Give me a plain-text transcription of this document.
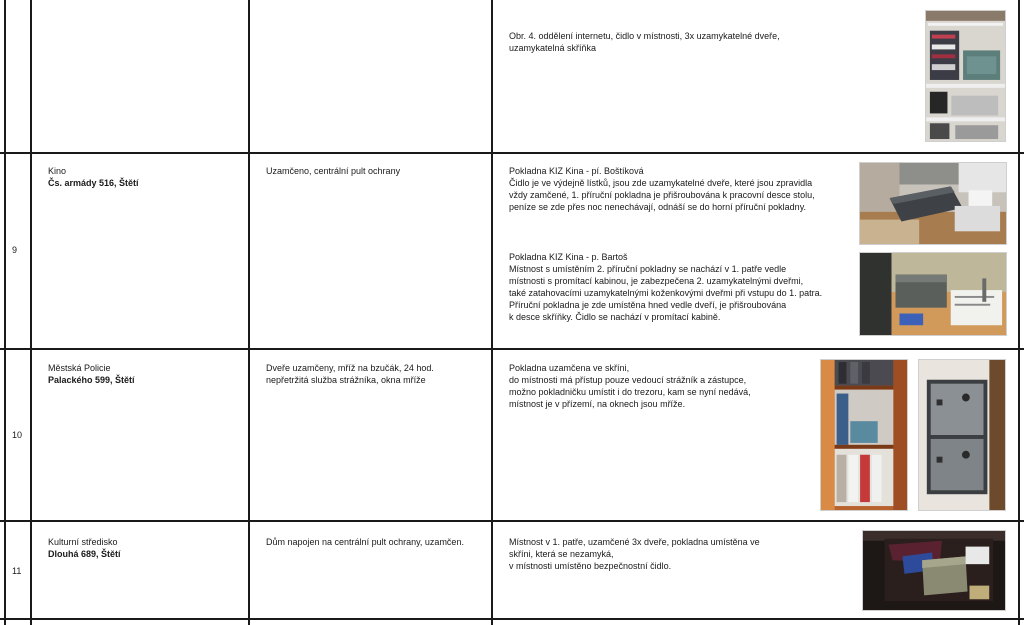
Obr. 4. oddělení internetu, čidlo v místnosti, 3x uzamykatelné dveře,
uzamykatelná skříňka
9
Kino
Čs. armády 516, Štětí
Uzamčeno, centrální pult ochrany	Pokladna KIZ Kina - pí. Boštíková
Čidlo je ve výdejně lístků, jsou zde uzamykatelné dveře, které jsou zpravidla
vždy zamčené, 1. příruční pokladna je přišroubována k pracovní desce stolu,
peníze se zde přes noc nenechávají, odnáší se do horní příruční pokladny.
Pokladna KIZ Kina - p. Bartoš
Místnost s umístěním 2. příruční pokladny se nachází v 1. patře vedle
místnosti s promítací kabinou, je zabezpečena 2. uzamykatelnými dveřmi,
také zatahovacími uzamykatelnými koženkovými dveřmi při vstupu do 1. patra.
Příruční pokladna je zde umístěna hned vedle dveří, je přišroubována
k desce skříňky. Čidlo se nachází v promítací kabině.
10
Městská Policie
Palackého 599, Štětí
Dveře uzamčeny, mříž na bzučák, 24 hod.
nepřetržitá služba strážníka, okna mříže
Pokladna uzamčena ve skříni,
do místnosti má přístup pouze vedoucí strážník a zástupce,
možno pokladničku umístit i do trezoru, kam se nyní nedává,
místnost je v přízemí, na oknech jsou mříže.
11
Kulturní středisko
Dlouhá 689, Štětí
Dům napojen na centrální pult ochrany, uzamčen.	Místnost v 1. patře, uzamčené 3x dveře, pokladna umístěna ve
skříni, která se nezamyká,
v místnosti umístěno bezpečnostní čidlo.
